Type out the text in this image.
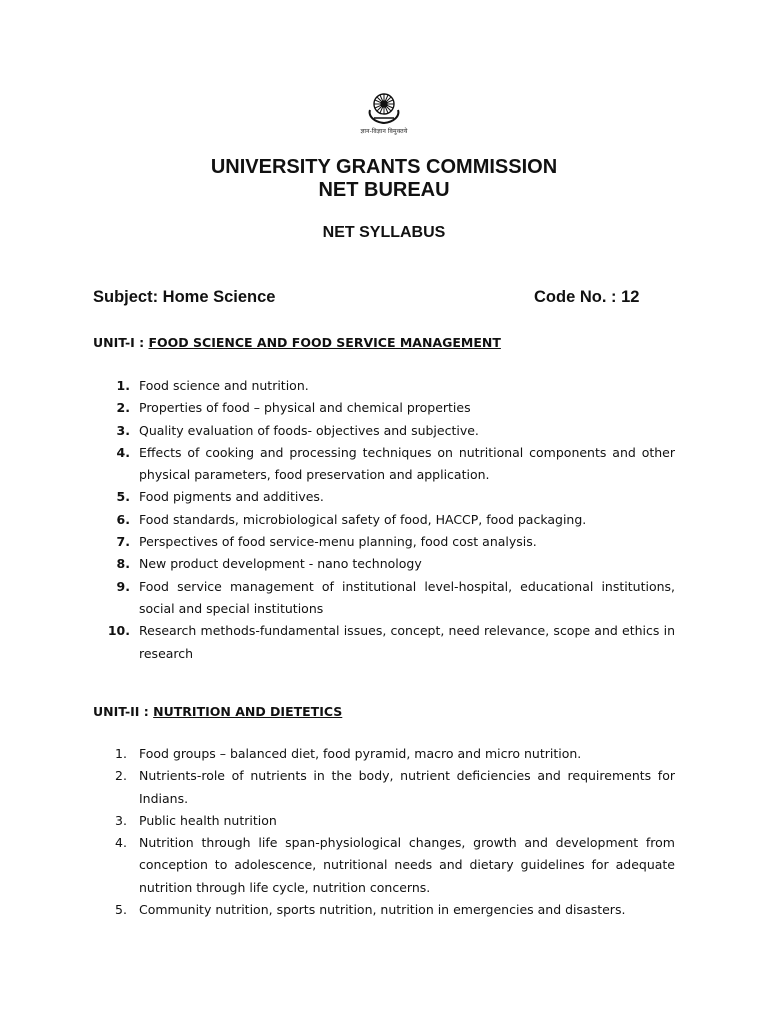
ज्ञान-विज्ञान विमुक्तये
UNIVERSITY GRANTS COMMISSION
NET BUREAU
NET SYLLABUS
Subject: Home Science	Code No. : 12
UNIT-I : FOOD SCIENCE AND FOOD SERVICE MANAGEMENT
1. Food science and nutrition.
2. Properties of food – physical and chemical properties
3. Quality evaluation of foods- objectives and subjective.
4. Effects of cooking and processing techniques on nutritional components and other physical parameters, food preservation and application.
5. Food pigments and additives.
6. Food standards, microbiological safety of food, HACCP, food packaging.
7. Perspectives of food service-menu planning, food cost analysis.
8. New product development - nano technology
9. Food service management of institutional level-hospital, educational institutions, social and special institutions
10. Research methods-fundamental issues, concept, need relevance, scope and ethics in research
UNIT-II : NUTRITION AND DIETETICS
1. Food groups – balanced diet, food pyramid, macro and micro nutrition.
2. Nutrients-role of nutrients in the body, nutrient deficiencies and requirements for Indians.
3. Public health nutrition
4. Nutrition through life span-physiological changes, growth and development from conception to adolescence, nutritional needs and dietary guidelines for adequate nutrition through life cycle, nutrition concerns.
5. Community nutrition, sports nutrition, nutrition in emergencies and disasters.
